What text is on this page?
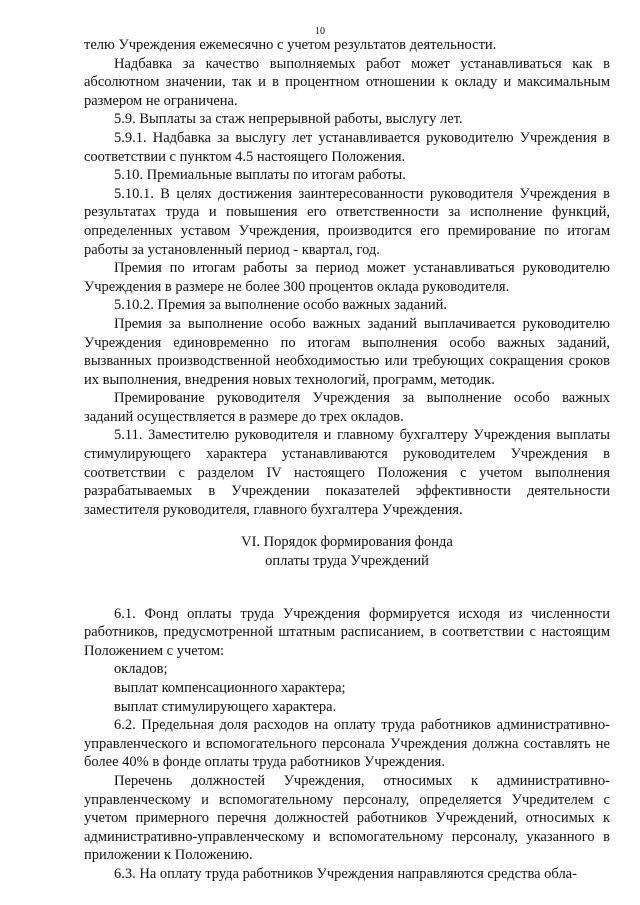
10

телю Учреждения ежемесячно с учетом результатов деятельности.

Надбавка за качество выполняемых работ может устанавливаться как в абсолютном значении, так и в процентном отношении к окладу и максимальным размером не ограничена.

5.9. Выплаты за стаж непрерывной работы, выслугу лет.

5.9.1. Надбавка за выслугу лет устанавливается руководителю Учреждения в соответствии с пунктом 4.5 настоящего Положения.

5.10. Премиальные выплаты по итогам работы.

5.10.1. В целях достижения заинтересованности руководителя Учреждения в результатах труда и повышения его ответственности за исполнение функций, определенных уставом Учреждения, производится его премирование по итогам работы за установленный период - квартал, год.

Премия по итогам работы за период может устанавливаться руководителю Учреждения в размере не более 300 процентов оклада руководителя.

5.10.2. Премия за выполнение особо важных заданий.

Премия за выполнение особо важных заданий выплачивается руководителю Учреждения единовременно по итогам выполнения особо важных заданий, вызванных производственной необходимостью или требующих сокращения сроков их выполнения, внедрения новых технологий, программ, методик.

Премирование руководителя Учреждения за выполнение особо важных заданий осуществляется в размере до трех окладов.

5.11. Заместителю руководителя и главному бухгалтеру Учреждения выплаты стимулирующего характера устанавливаются руководителем Учреждения в соответствии с разделом IV настоящего Положения с учетом выполнения разрабатываемых в Учреждении показателей эффективности деятельности заместителя руководителя, главного бухгалтера Учреждения.

VI. Порядок формирования фонда
оплаты труда Учреждений

6.1. Фонд оплаты труда Учреждения формируется исходя из численности работников, предусмотренной штатным расписанием, в соответствии с настоящим Положением с учетом:

окладов;

выплат компенсационного характера;

выплат стимулирующего характера.

6.2. Предельная доля расходов на оплату труда работников административно-управленческого и вспомогательного персонала Учреждения должна составлять не более 40% в фонде оплаты труда работников Учреждения.

Перечень должностей Учреждения, относимых к административно-управленческому и вспомогательному персоналу, определяется Учредителем с учетом примерного перечня должностей работников Учреждений, относимых к административно-управленческому и вспомогательному персоналу, указанного в приложении к Положению.

6.3. На оплату труда работников Учреждения направляются средства обла-
